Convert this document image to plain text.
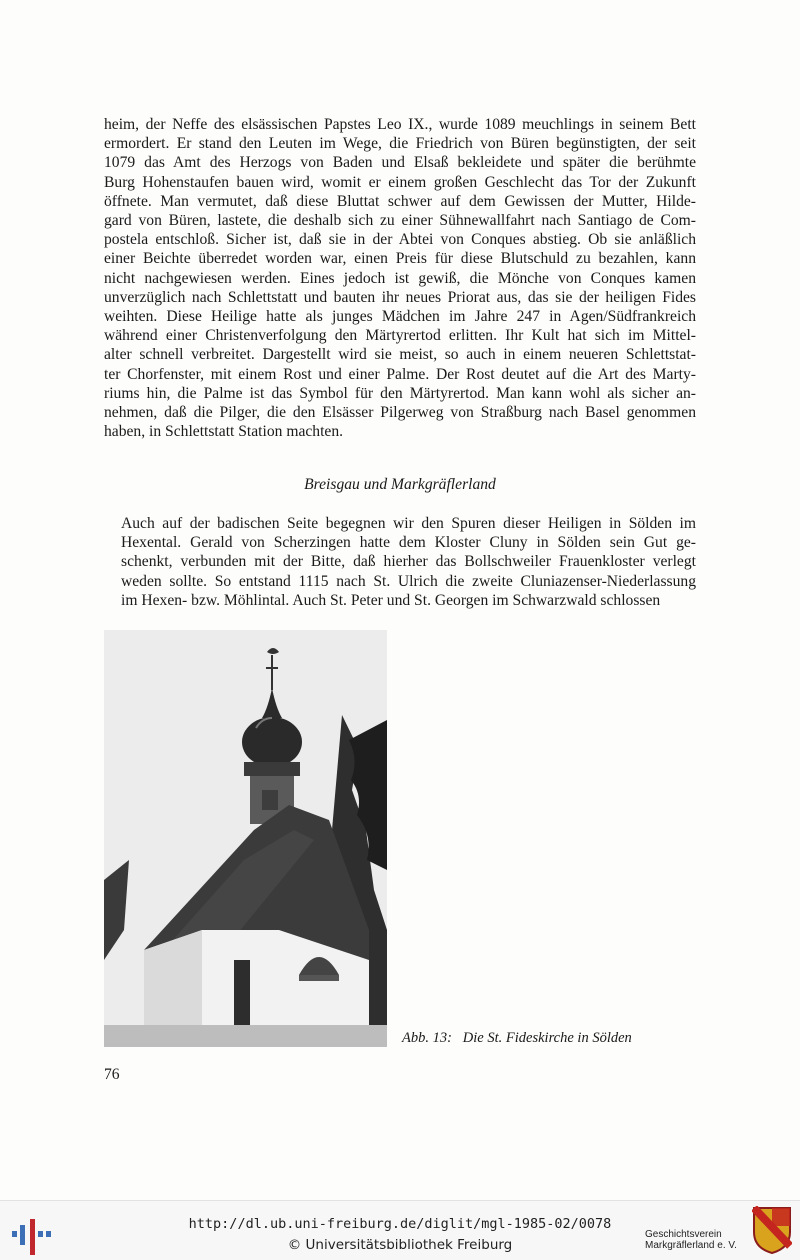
heim, der Neffe des elsässischen Papstes Leo IX., wurde 1089 meuchlings in seinem Bett
ermordert. Er stand den Leuten im Wege, die Friedrich von Büren begünstigten, der seit
1079 das Amt des Herzogs von Baden und Elsaß bekleidete und später die berühmte
Burg Hohenstaufen bauen wird, womit er einem großen Geschlecht das Tor der Zukunft
öffnete. Man vermutet, daß diese Bluttat schwer auf dem Gewissen der Mutter, Hilde-
gard von Büren, lastete, die deshalb sich zu einer Sühnewallfahrt nach Santiago de Com-
postela entschloß. Sicher ist, daß sie in der Abtei von Conques abstieg. Ob sie anläßlich
einer Beichte überredet worden war, einen Preis für diese Blutschuld zu bezahlen, kann
nicht nachgewiesen werden. Eines jedoch ist gewiß, die Mönche von Conques kamen
unverzüglich nach Schlettstatt und bauten ihr neues Priorat aus, das sie der heiligen Fides
weihten. Diese Heilige hatte als junges Mädchen im Jahre 247 in Agen/Südfrankreich
während einer Christenverfolgung den Märtyrertod erlitten. Ihr Kult hat sich im Mittel-
alter schnell verbreitet. Dargestellt wird sie meist, so auch in einem neueren Schlettstat-
ter Chorfenster, mit einem Rost und einer Palme. Der Rost deutet auf die Art des Marty-
riums hin, die Palme ist das Symbol für den Märtyrertod. Man kann wohl als sicher an-
nehmen, daß die Pilger, die den Elsässer Pilgerweg von Straßburg nach Basel genommen
haben, in Schlettstatt Station machten.
Breisgau und Markgräflerland
Auch auf der badischen Seite begegnen wir den Spuren dieser Heiligen in Sölden im
Hexental. Gerald von Scherzingen hatte dem Kloster Cluny in Sölden sein Gut ge-
schenkt, verbunden mit der Bitte, daß hierher das Bollschweiler Frauenkloster verlegt
weden sollte. So entstand 1115 nach St. Ulrich die zweite Cluniazenser-Niederlassung
im Hexen- bzw. Möhlintal. Auch St. Peter und St. Georgen im Schwarzwald schlossen
Abb. 13:   Die St. Fideskirche in Sölden
76
http://dl.ub.uni-freiburg.de/diglit/mgl-1985-02/0078
© Universitätsbibliothek Freiburg
Geschichtsverein
Markgräflerland e. V.
